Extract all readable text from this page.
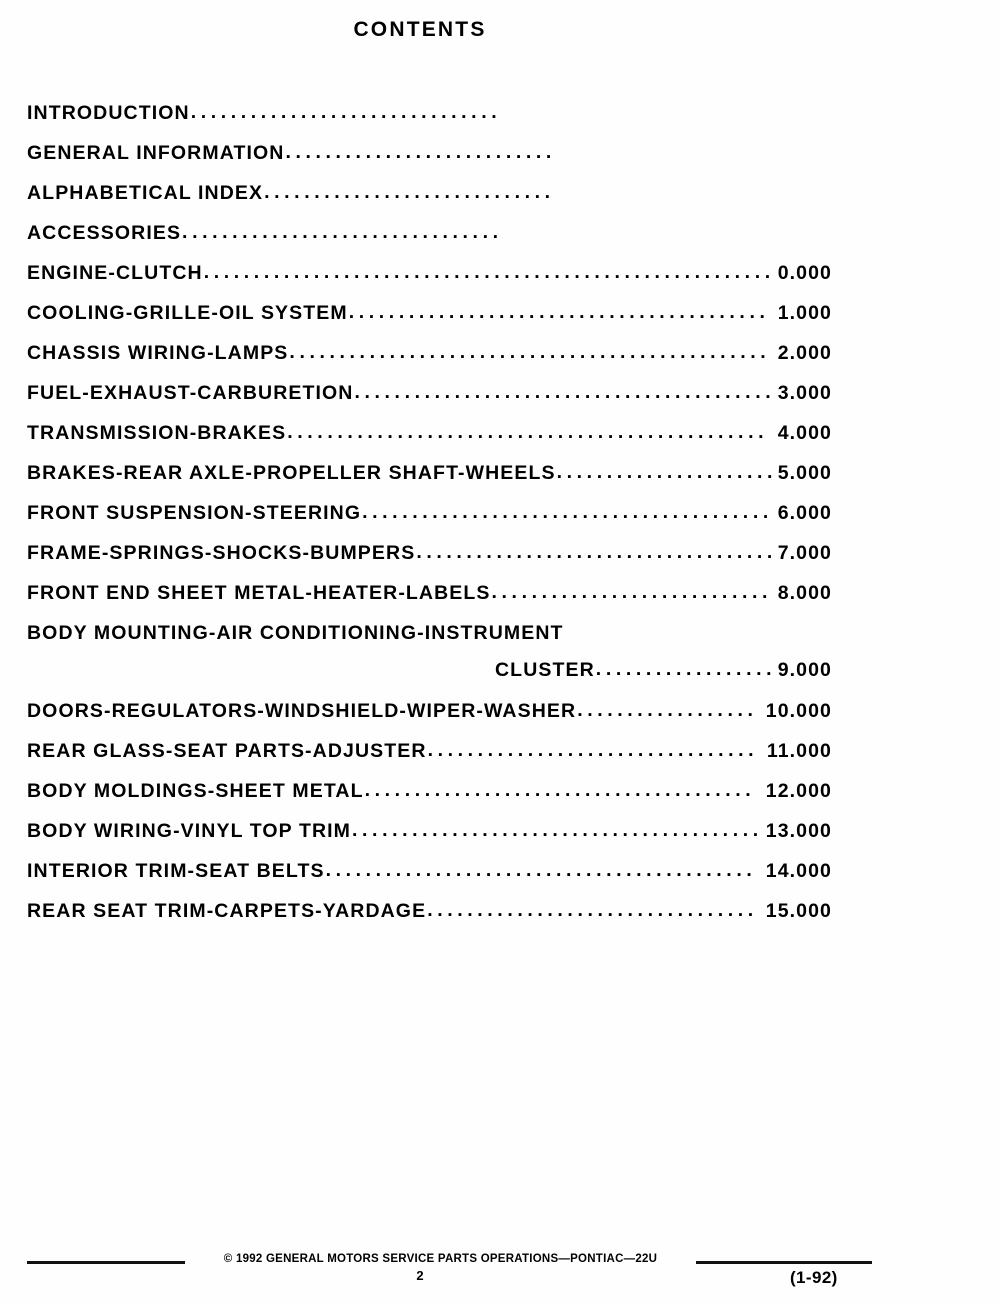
CONTENTS
INTRODUCTION ...............................
GENERAL INFORMATION ...........................
ALPHABETICAL INDEX .............................
ACCESSORIES ................................
ENGINE-CLUTCH ......................................................... 0.000
COOLING-GRILLE-OIL SYSTEM .......................................... 1.000
CHASSIS WIRING-LAMPS ................................................ 2.000
FUEL-EXHAUST-CARBURETION .......................................... 3.000
TRANSMISSION-BRAKES ................................................ 4.000
BRAKES-REAR AXLE-PROPELLER SHAFT-WHEELS ...................... 5.000
FRONT SUSPENSION-STEERING ......................................... 6.000
FRAME-SPRINGS-SHOCKS-BUMPERS .................................... 7.000
FRONT END SHEET METAL-HEATER-LABELS ............................ 8.000
BODY MOUNTING-AIR CONDITIONING-INSTRUMENT
CLUSTER .................. 9.000
DOORS-REGULATORS-WINDSHIELD-WIPER-WASHER .................. 10.000
REAR GLASS-SEAT PARTS-ADJUSTER ................................. 11.000
BODY MOLDINGS-SHEET METAL ....................................... 12.000
BODY WIRING-VINYL TOP TRIM ......................................... 13.000
INTERIOR TRIM-SEAT BELTS ........................................... 14.000
REAR SEAT TRIM-CARPETS-YARDAGE ................................. 15.000
© 1992 GENERAL MOTORS SERVICE PARTS OPERATIONS—PONTIAC—22U
2	(1-92)
